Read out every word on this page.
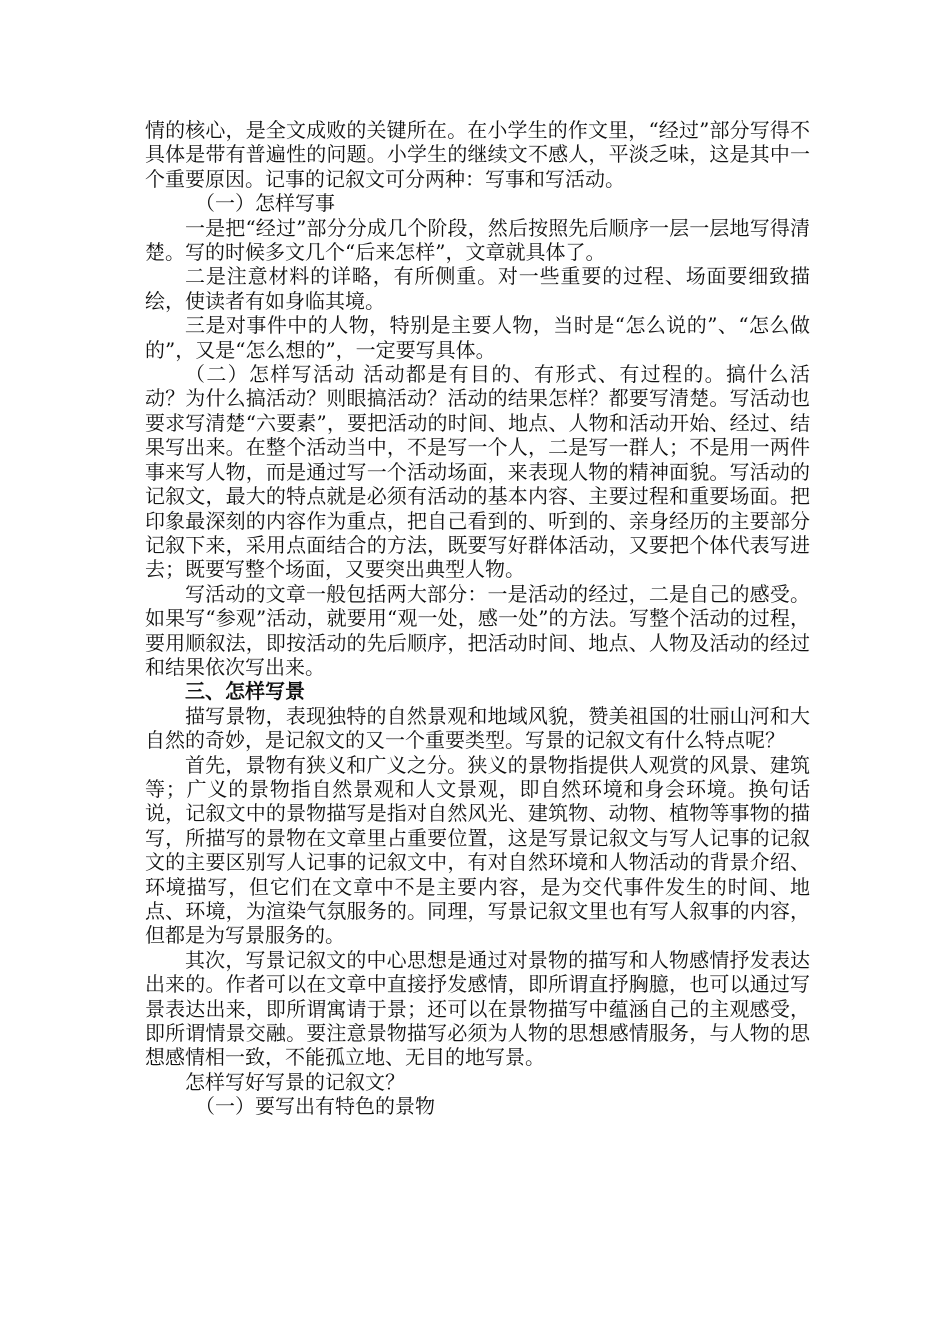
情的核心，是全文成败的关键所在。在小学生的作文里，“经过”部分写得不具体是带有普遍性的问题。小学生的继续文不感人，平淡乏味，这是其中一个重要原因。记事的记叙文可分两种：写事和写活动。

（一）怎样写事

一是把“经过”部分分成几个阶段，然后按照先后顺序一层一层地写得清楚。写的时候多文几个“后来怎样”，文章就具体了。

二是注意材料的详略，有所侧重。对一些重要的过程、场面要细致描绘，使读者有如身临其境。

三是对事件中的人物，特别是主要人物，当时是“怎么说的”、“怎么做的”，又是“怎么想的”，一定要写具体。

（二）怎样写活动 活动都是有目的、有形式、有过程的。搞什么活动？为什么搞活动？则眼搞活动？活动的结果怎样？都要写清楚。写活动也要求写清楚“六要素”，要把活动的时间、地点、人物和活动开始、经过、结果写出来。在整个活动当中，不是写一个人，二是写一群人；不是用一两件事来写人物，而是通过写一个活动场面，来表现人物的精神面貌。写活动的记叙文，最大的特点就是必须有活动的基本内容、主要过程和重要场面。把印象最深刻的内容作为重点，把自己看到的、听到的、亲身经历的主要部分记叙下来，采用点面结合的方法，既要写好群体活动，又要把个体代表写进去；既要写整个场面，又要突出典型人物。

写活动的文章一般包括两大部分：一是活动的经过，二是自己的感受。如果写“参观”活动，就要用“观一处，感一处”的方法。写整个活动的过程，要用顺叙法，即按活动的先后顺序，把活动时间、地点、人物及活动的经过和结果依次写出来。

三、怎样写景

描写景物，表现独特的自然景观和地域风貌，赞美祖国的壮丽山河和大自然的奇妙，是记叙文的又一个重要类型。写景的记叙文有什么特点呢？

首先，景物有狭义和广义之分。狭义的景物指提供人观赏的风景、建筑等；广义的景物指自然景观和人文景观，即自然环境和身会环境。换句话说，记叙文中的景物描写是指对自然风光、建筑物、动物、植物等事物的描写，所描写的景物在文章里占重要位置，这是写景记叙文与写人记事的记叙文的主要区别写人记事的记叙文中，有对自然环境和人物活动的背景介绍、环境描写，但它们在文章中不是主要内容，是为交代事件发生的时间、地点、环境，为渲染气氛服务的。同理，写景记叙文里也有写人叙事的内容，但都是为写景服务的。

其次，写景记叙文的中心思想是通过对景物的描写和人物感情抒发表达出来的。作者可以在文章中直接抒发感情，即所谓直抒胸臆，也可以通过写景表达出来，即所谓寓请于景；还可以在景物描写中蕴涵自己的主观感受，即所谓情景交融。要注意景物描写必须为人物的思想感情服务，与人物的思想感情相一致，不能孤立地、无目的地写景。

怎样写好写景的记叙文？

（一）要写出有特色的景物
